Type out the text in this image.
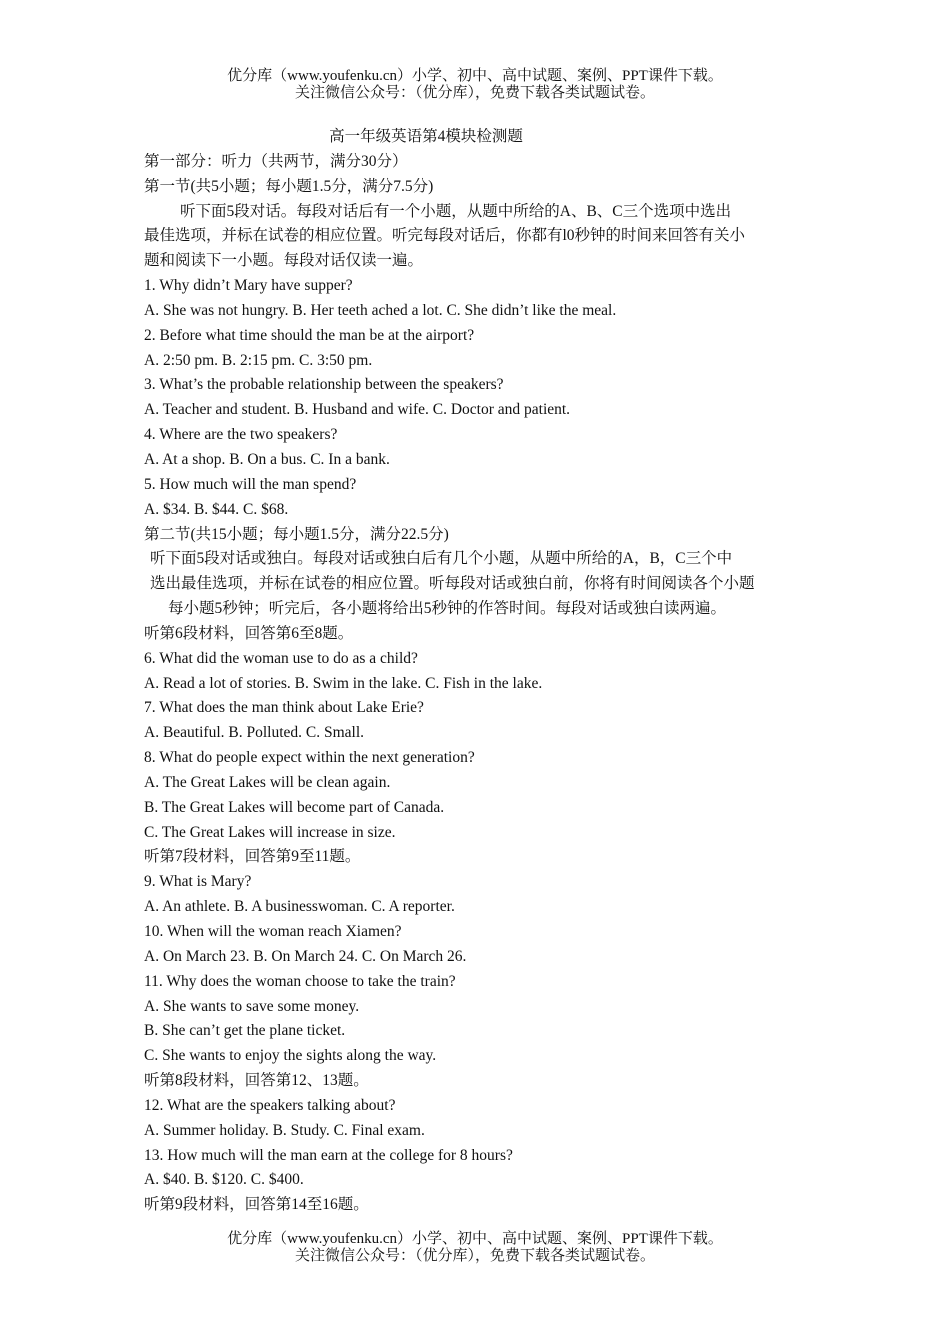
优分库（www.youfenku.cn）小学、初中、高中试题、案例、PPT课件下载。
关注微信公众号：（优分库），免费下载各类试题试卷。
高一年级英语第4模块检测题
第一部分：听力（共两节，满分30分）
第一节(共5小题；每小题1.5分，满分7.5分)
听下面5段对话。每段对话后有一个小题，从题中所给的A、B、C三个选项中选出
最佳选项，并标在试卷的相应位置。听完每段对话后，你都有l0秒钟的时间来回答有关小
题和阅读下一小题。每段对话仅读一遍。
1. Why didn’t Mary have supper?
A. She was not hungry. B. Her teeth ached a lot. C. She didn’t like the meal.
2. Before what time should the man be at the airport?
A. 2:50 pm. B. 2:15 pm. C. 3:50 pm.
3. What’s the probable relationship between the speakers?
A. Teacher and student. B. Husband and wife. C. Doctor and patient.
4. Where are the two speakers?
A. At a shop. B. On a bus. C. In a bank.
5. How much will the man spend?
A. $34. B. $44. C. $68.
第二节(共15小题；每小题1.5分，满分22.5分)
听下面5段对话或独白。每段对话或独白后有几个小题，从题中所给的A，B，C三个中
选出最佳选项，并标在试卷的相应位置。听每段对话或独白前，你将有时间阅读各个小题
每小题5秒钟；听完后，各小题将给出5秒钟的作答时间。每段对话或独白读两遍。
听第6段材料，回答第6至8题。
6. What did the woman use to do as a child?
A. Read a lot of stories. B. Swim in the lake. C. Fish in the lake.
7. What does the man think about Lake Erie?
A. Beautiful. B. Polluted. C. Small.
8. What do people expect within the next generation?
A. The Great Lakes will be clean again.
B. The Great Lakes will become part of Canada.
C. The Great Lakes will increase in size.
听第7段材料，回答第9至11题。
9. What is Mary?
A. An athlete. B. A businesswoman. C. A reporter.
10. When will the woman reach Xiamen?
A. On March 23. B. On March 24. C. On March 26.
11. Why does the woman choose to take the train?
A. She wants to save some money.
B. She can’t get the plane ticket.
C. She wants to enjoy the sights along the way.
听第8段材料，回答第12、13题。
12. What are the speakers talking about?
A. Summer holiday. B. Study. C. Final exam.
13. How much will the man earn at the college for 8 hours?
A. $40. B. $120. C. $400.
听第9段材料，回答第14至16题。
优分库（www.youfenku.cn）小学、初中、高中试题、案例、PPT课件下载。
关注微信公众号：（优分库），免费下载各类试题试卷。
